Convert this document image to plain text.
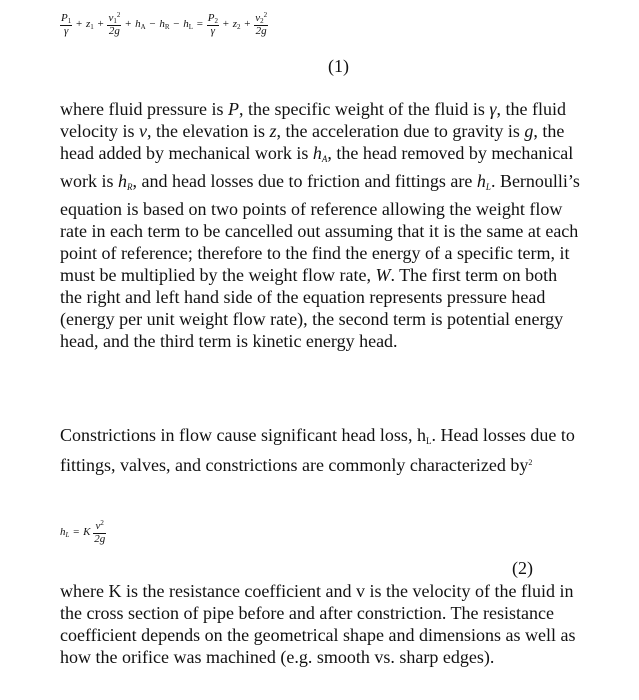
$\frac{P_1}{\gamma} + z_1 + \frac{v_1^2}{2g} + h_A - h_R - h_L = \frac{P_2}{\gamma} + z_2 + \frac{v_2^2}{2g}$
(1)

where fluid pressure is P, the specific weight of the fluid is γ, the fluid velocity is v, the elevation is z, the acceleration due to gravity is g, the head added by mechanical work is hA, the head removed by mechanical work is hR, and head losses due to friction and fittings are hL. Bernoulli’s equation is based on two points of reference allowing the weight flow rate in each term to be cancelled out assuming that it is the same at each point of reference; therefore to the find the energy of a specific term, it must be multiplied by the weight flow rate, W. The first term on both the right and left hand side of the equation represents pressure head (energy per unit weight flow rate), the second term is potential energy head, and the third term is kinetic energy head.

Constrictions in flow cause significant head loss, hL. Head losses due to fittings, valves, and constrictions are commonly characterized by$^2$

$h_L = K \frac{v^2}{2g}$
(2)

where K is the resistance coefficient and v is the velocity of the fluid in the cross section of pipe before and after constriction. The resistance coefficient depends on the geometrical shape and dimensions as well as how the orifice was machined (e.g. smooth vs. sharp edges).
